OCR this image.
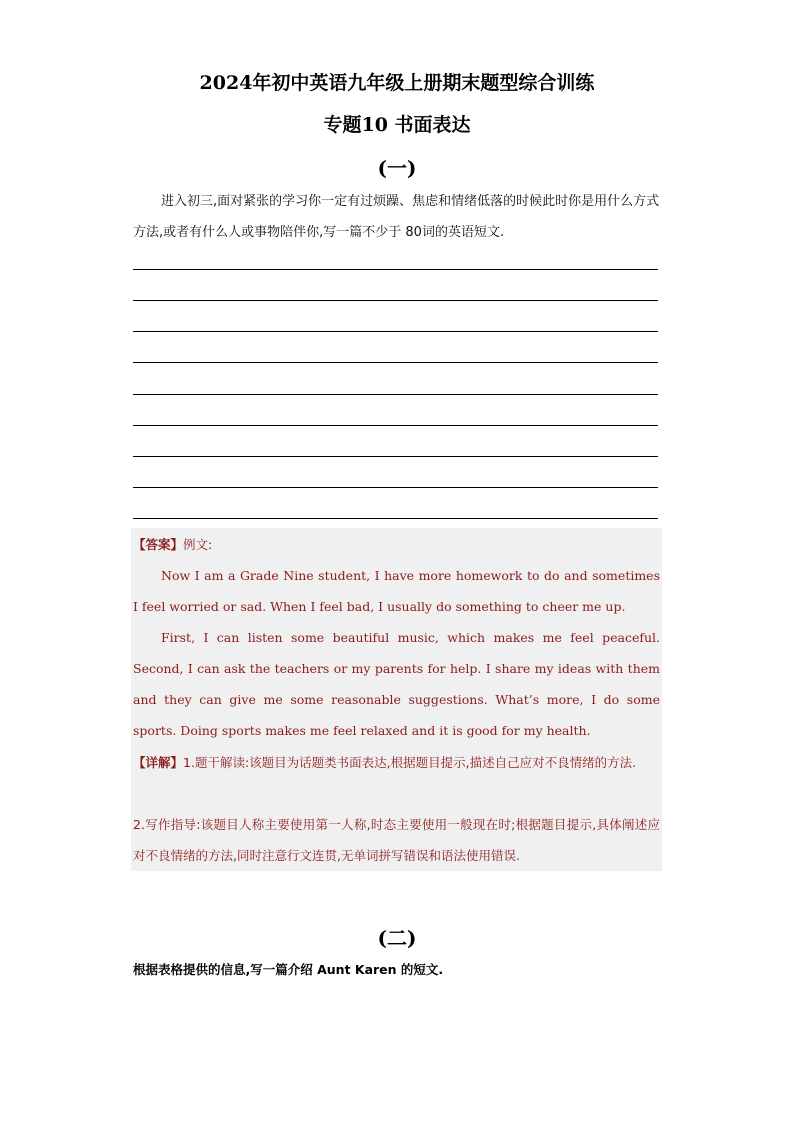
2024年初中英语九年级上册期末题型综合训练
专题10 书面表达
(一)
进入初三,面对紧张的学习你一定有过烦躁、焦虑和情绪低落的时候此时你是用什么方式方法,或者有什么人或事物陪伴你,写一篇不少于 80词的英语短文.
【答案】例文:
Now I am a Grade Nine student, I have more homework to do and sometimes I feel worried or sad. When I feel bad, I usually do something to cheer me up.
First, I can listen some beautiful music, which makes me feel peaceful. Second, I can ask the teachers or my parents for help. I share my ideas with them and they can give me some reasonable suggestions. What’s more, I do some sports. Doing sports makes me feel relaxed and it is good for my health.
【详解】1.题干解读:该题目为话题类书面表达,根据题目提示,描述自己应对不良情绪的方法.
2.写作指导:该题目人称主要使用第一人称,时态主要使用一般现在时;根据题目提示,具体阐述应对不良情绪的方法,同时注意行文连贯,无单词拼写错误和语法使用错误.
(二)
根据表格提供的信息,写一篇介绍 Aunt Karen 的短文.
